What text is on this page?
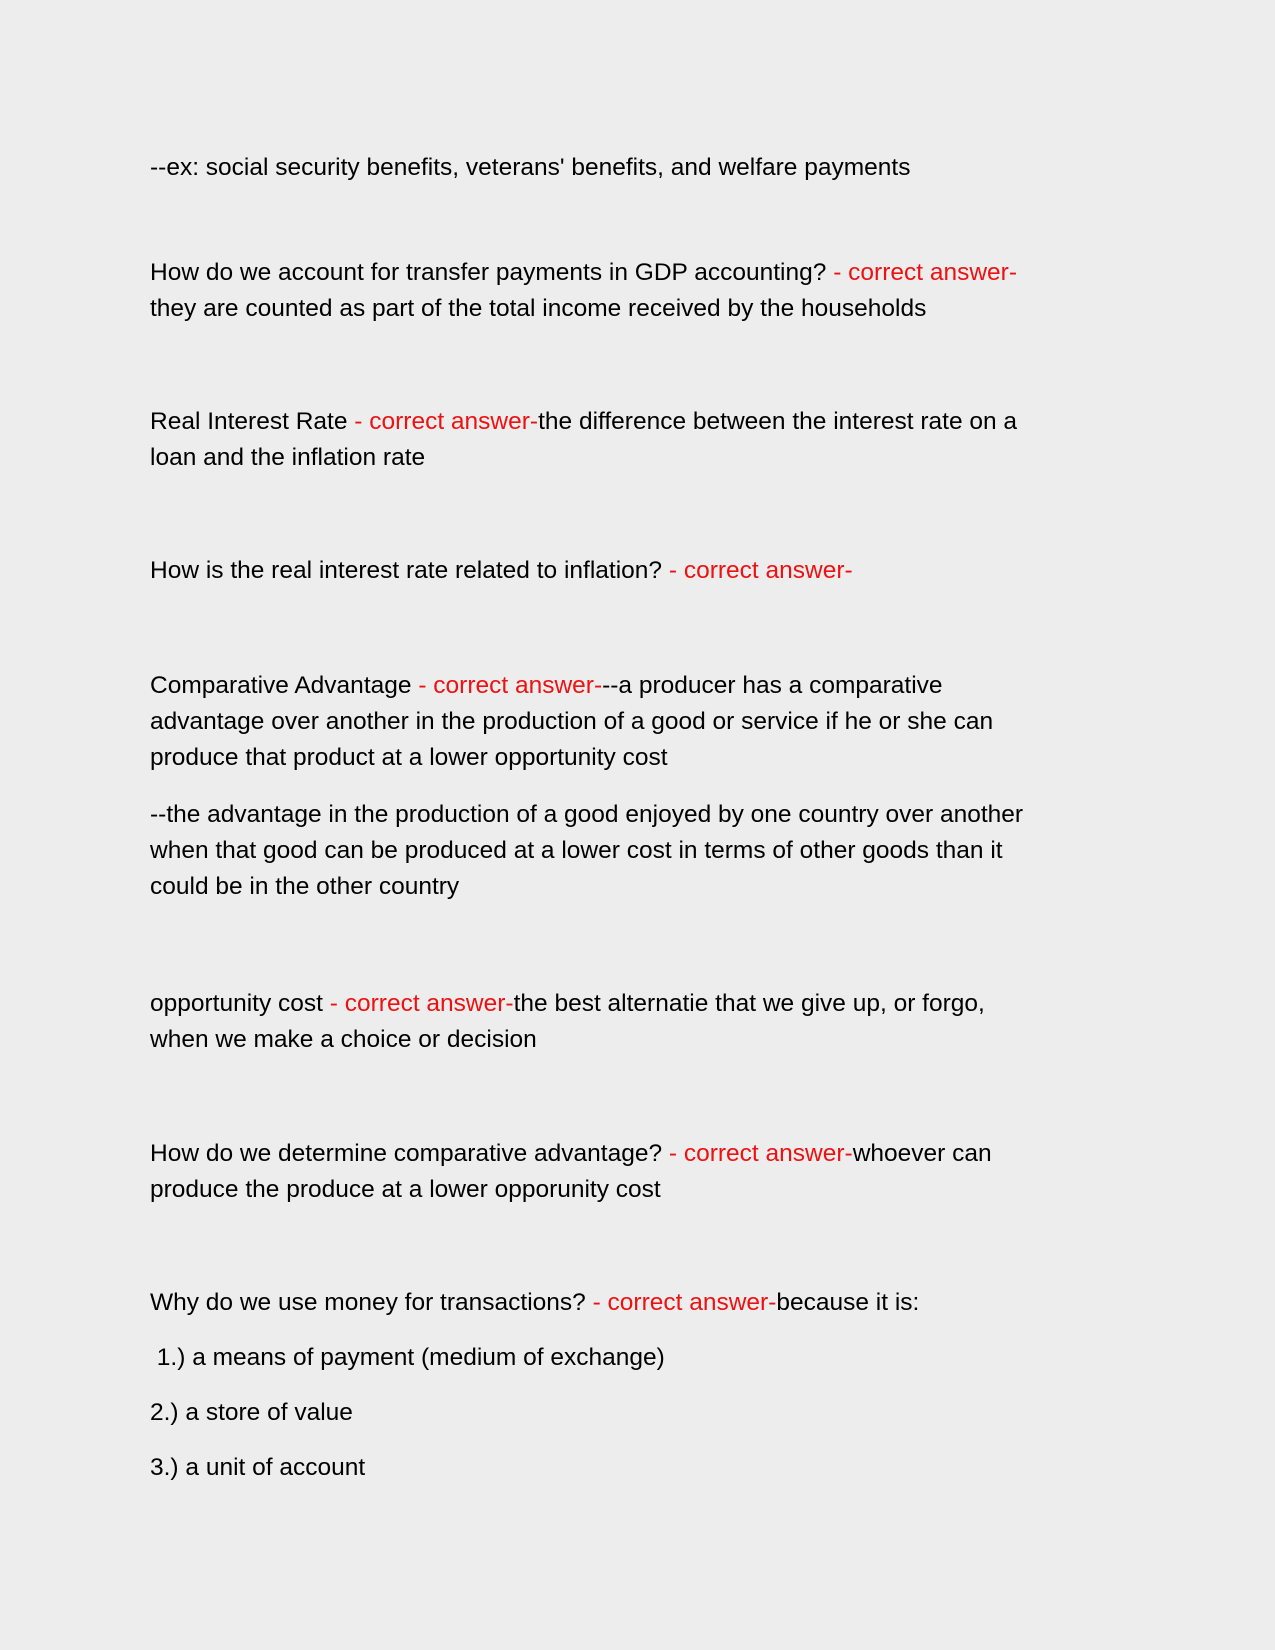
--ex: social security benefits, veterans' benefits, and welfare payments
How do we account for transfer payments in GDP accounting? - correct answer-
they are counted as part of the total income received by the households
Real Interest Rate - correct answer-the difference between the interest rate on a
loan and the inflation rate
How is the real interest rate related to inflation? - correct answer-
Comparative Advantage - correct answer---a producer has a comparative
advantage over another in the production of a good or service if he or she can
produce that product at a lower opportunity cost
--the advantage in the production of a good enjoyed by one country over another
when that good can be produced at a lower cost in terms of other goods than it
could be in the other country
opportunity cost - correct answer-the best alternatie that we give up, or forgo,
when we make a choice or decision
How do we determine comparative advantage? - correct answer-whoever can
produce the produce at a lower opporunity cost
Why do we use money for transactions? - correct answer-because it is:
1.) a means of payment (medium of exchange)
2.) a store of value
3.) a unit of account
